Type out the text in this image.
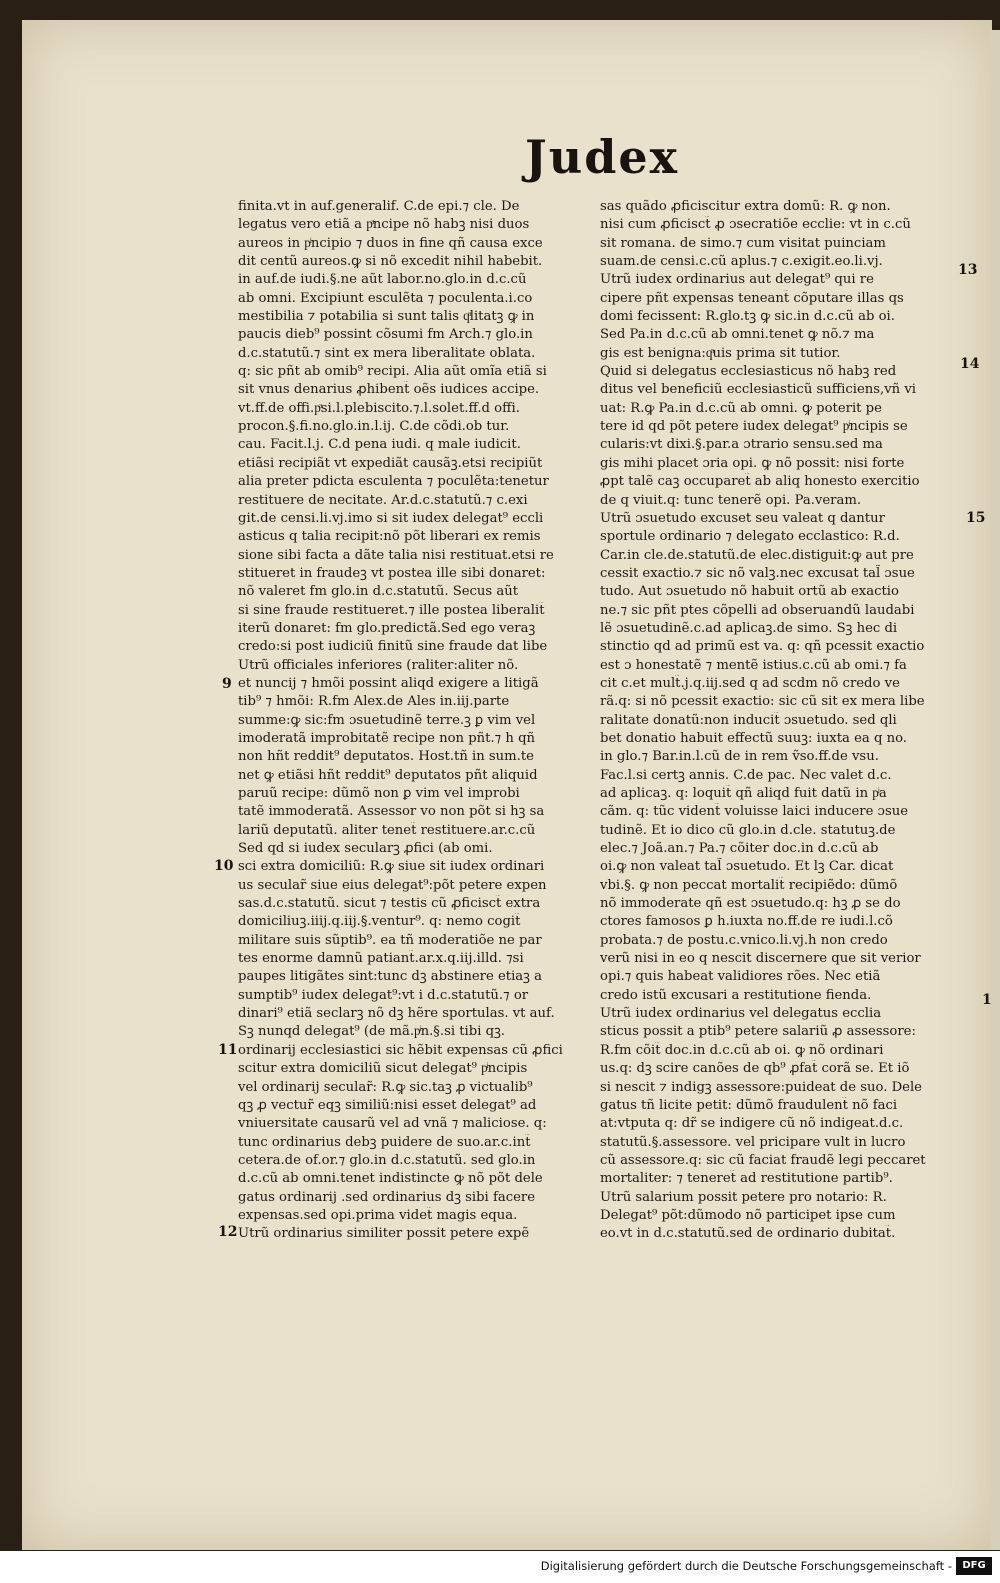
Judex
finita.vt in auf.generalif. C.de epi.⁊ cle. De
legatus vero etiã a pͣncipe nõ habꝫ nisi duos
aureos in pͥncipio ⁊ duos in fine qñ causa exce
dit centũ aureos.ꝙ si nõ excedit nihil habebit.
in auf.de iudi.§.ne aũt labor.no.glo.in d.c.cũ
ab omni. Excipiunt esculẽta ⁊ poculenta.i.co
mestibilia ⁊ potabilia si sunt talis qͣlitatꝫ ꝙ in
paucis dieb⁹ possint cõsumi fm Arch.⁊ glo.in
d.c.statutũ.⁊ sint ex mera liberalitate oblata.
q: sic pñt ab omib⁹ recipi. Alia aũt omĩa etiã si
sit vnus denarius ꝓhibent̃ oẽs iudices accipe.
vt.ff.de offi.pͣsi.l.plebiscito.⁊.l.solet.ff.d offi.
procon.§.fi.no.glo.in.l.ij. C.de cõdi.ob tur.
cau. Facit.l.j. C.d pena iudi. q male iudicit.
etiãsi recipiãt vt expediãt causãꝫ.etsi recipiũt
alia preter pdicta esculenta ⁊ poculẽta:tenetur
restituere de necitate. Ar.d.c.statutũ.⁊ c.exi
git.de censi.li.vj.imo si sit iudex delegat⁹ eccli
asticus q talia recipit:nõ põt liberari ex remis
sione sibi facta a dãte talia nisi restituat.etsi re
stitueret in fraudeꝫ vt postea ille sibi donaret:
nõ valeret fm glo.in d.c.statutũ. Secus aũt
si sine fraude restitueret.⁊ ille postea liberalit̃
iterũ donaret: fm glo.predictã.Sed ego veraꝫ
credo:si post iudiciũ finitũ sine fraude dat libe
Utrũ officiales inferiores (raliter:aliter nõ.
et nuncij ⁊ hmõi possint aliqd exigere a litigã
tib⁹ ⁊ hmõi: R.fm Alex.de Ales in.iij.parte
summe:ꝙ sic:fm ɔsuetudinẽ terre.ꝫ ꝑ vim vel
imoderatã improbitatẽ recipe non pñt.⁊ h qñ
non hñt reddit⁹ deputatos. Host.tñ in sum.te
net ꝙ etiãsi hñt reddit⁹ deputatos pñt aliquid
paruũ recipe: dũmõ non ꝑ vim vel improbi
tatẽ immoderatã. Assessor vo non põt si hꝫ sa
lariũ deputatũ. aliter tenet̃ restituere.ar.c.cũ
Sed qd si iudex secularꝫ ꝓfici (ab omi.
sci extra domiciliũ: R.ꝙ siue sit iudex ordinari
us secular̃ siue eius delegat⁹:põt petere expen
sas.d.c.statutũ. sicut ⁊ testis cũ ꝓficisct̃ extra
domiciliuꝫ.iiij.q.iij.§.ventur⁹. q: nemo cogit̃
militare suis sũptib⁹. ea tñ moderatiõe ne par
tes enorme damnũ patiant̃.ar.x.q.iij.illd. ⁊si
paupes litigãtes sint:tunc dꝫ abstinere etiaꝫ a
sumptib⁹ iudex delegat⁹:vt i d.c.statutũ.⁊ or
dinari⁹ etiã seclarꝫ nõ dꝫ hẽre sportulas. vt auf.
Sꝫ nunqd delegat⁹ (de mã.pͥn.§.si tibi qꝫ.
ordinarij ecclesiastici sic hẽbit expensas cũ ꝓfici
scitur extra domiciliũ sicut delegat⁹ pͥncipis
vel ordinarij secular̃: R.ꝙ sic.taꝫ ꝓ victualib⁹
qꝫ ꝓ vectur̃ eqꝫ similiũ:nisi esset delegat⁹ ad
vniuersitate causarũ vel ad vnã ⁊ maliciose. q:
tunc ordinarius debꝫ puidere de suo.ar.c.int̃
cetera.de of.or.⁊ glo.in d.c.statutũ. sed glo.in
d.c.cũ ab omni.tenet indistincte ꝙ nõ põt dele
gatus ordinarij .sed ordinarius dꝫ sibi facere
expensas.sed opi.prima videt̃ magis equa.
Utrũ ordinarius similiter possit petere expẽ
sas quãdo ꝓficiscitur extra domũ: R. ꝙ non.
nisi cum ꝓficisct̃ ꝓ ɔsecratiõe ecclie: vt in c.cũ
sit romana. de simo.⁊ cum visitat puinciam
suam.de censi.c.cũ aplus.⁊ c.exigit.eo.li.vj.
Utrũ iudex ordinarius aut delegat⁹ qui re
cipere pñt expensas teneant̃ cõputare illas qs
domi fecissent: R.glo.tꝫ ꝙ sic.in d.c.cũ ab oi.
Sed Pa.in d.c.cũ ab omni.tenet ꝙ nõ.⁊ ma
gis est benigna:qͣuis prima sit tutior.
Quid si delegatus ecclesiasticus nõ habꝫ red
ditus vel beneficiũ ecclesiasticũ sufficiens,vñ vi
uat: R.ꝙ Pa.in d.c.cũ ab omni. ꝙ poterit pe
tere id qd põt petere iudex delegat⁹ pͥncipis se
cularis:vt dixi.§.par.a ɔtrario sensu.sed ma
gis mihi placet ɔria opi. ꝙ nõ possit: nisi forte
ꝓpt talẽ caꝫ occuparet̃ ab aliq honesto exercitio
de q viuit.q: tunc tenerẽ opi. Pa.veram.
Utrũ ɔsuetudo excuset seu valeat q dantur
sportule ordinario ⁊ delegato ecclastico: R.d.
Car.in cle.de.statutũ.de elec.distiguit:ꝙ aut pre
cessit exactio.⁊ sic nõ valꝫ.nec excusat tal̃ ɔsue
tudo. Aut ɔsuetudo nõ habuit ortũ ab exactio
ne.⁊ sic pñt ptes cõpelli ad obseruandũ laudabi
lẽ ɔsuetudinẽ.c.ad aplicaꝫ.de simo. Sꝫ hec di
stinctio qd ad primũ est va. q: qñ pcessit exactio
est ɔ honestatẽ ⁊ mentẽ istius.c.cũ ab omi.⁊ fa
cit c.et mult̃.j.q.iij.sed q ad scdm nõ credo ve
rã.q: si nõ pcessit exactio: sic cũ sit ex mera libe
ralitate donatũ:non inducit̃ ɔsuetudo. sed qli
bet donatio habuit effectũ suuꝫ: iuxta ea q no.
in glo.⁊ Bar.in.l.cũ de in rem ṽso.ff.de vsu.
Fac.l.si certꝫ annis. C.de pac. Nec valet d.c.
ad aplicaꝫ. q: loquit̃ qñ aliqd fuit datũ in pͥa
cãm. q: tũc vident̃ voluisse laici inducere ɔsue
tudinẽ. Et io dico cũ glo.in d.cle. statutuꝫ.de
elec.⁊ Joã.an.⁊ Pa.⁊ cõiter doc.in d.c.cũ ab
oi.ꝙ non valeat tal̃ ɔsuetudo. Et lꝫ Car. dicat
vbi.§. ꝙ non peccat mortalit̃ recipiẽdo: dũmõ
nõ immoderate qñ est ɔsuetudo.q: hꝫ ꝓ se do
ctores famosos ꝑ h.iuxta no.ff.de re iudi.l.cõ
probata.⁊ de postu.c.vnico.li.vj.h non credo
verũ nisi in eo q nescit discernere que sit verior
opi.⁊ quis habeat validiores rões. Nec etiã
credo istũ excusari a restitutione fienda.
Utrũ iudex ordinarius vel delegatus ecclia
sticus possit a ptib⁹ petere salariũ ꝓ assessore:
R.fm cõit̃ doc.in d.c.cũ ab oi. ꝙ nõ ordinari
us.q: dꝫ scire canões de qb⁹ ꝓfat̃ corã se. Et iõ
si nescit ⁊ indigꝫ assessore:puideat de suo. Dele
gatus tñ licite petit: dũmõ fraudulent̃ nõ faci
at:vtputa q: dr̃ se indigere cũ nõ indigeat.d.c.
statutũ.§.assessore. vel pricipare vult in lucro
cũ assessore.q: sic cũ faciat fraudẽ legi peccaret
mortaliter: ⁊ teneret̃ ad restitutione partib⁹.
Utrũ salarium possit petere pro notario: R.
Delegat⁹ põt:dũmodo nõ participet ipse cum
eo.vt in d.c.statutũ.sed de ordinario dubitat̃.
9
10
11
12
13
14
15
1
Digitalisierung gefördert durch die Deutsche Forschungsgemeinschaft -	DFG
